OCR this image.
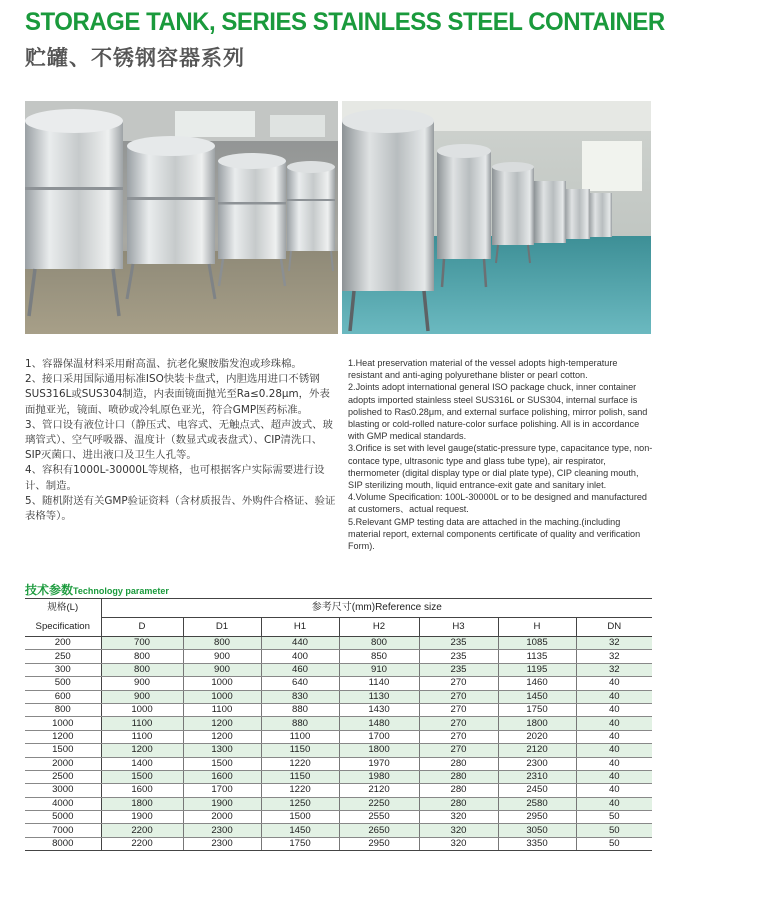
STORAGE TANK, SERIES STAINLESS STEEL CONTAINER
贮罐、不锈钢容器系列

1、容器保温材料采用耐高温、抗老化聚胺脂发泡或珍珠棉。

2、接口采用国际通用标准ISO快装卡盘式，内胆选用进口不锈钢SUS316L或SUS304制造，内表面镜面抛光至Ra≤0.28μm，外表面抛亚光，镜面、喷砂或冷轧原色亚光，符合GMP医药标准。

3、管口设有液位计口（静压式、电容式、无触点式、超声波式、玻璃管式）、空气呼吸器、温度计（数显式或表盘式）、CIP清洗口、SIP灭菌口、进出液口及卫生人孔等。

4、容积有1000L-30000L等规格，也可根据客户实际需要进行设计、制造。

5、随机附送有关GMP验证资料（含材质报告、外购件合格证、验证表格等）。

1.Heat preservation material of the vessel adopts high-temperature resistant and anti-aging polyurethane blister or pearl cotton.

2.Joints adopt international general ISO package chuck, inner container adopts imported stainless steel SUS316L or SUS304, internal surface is polished to Ra≤0.28μm, and external surface polishing, mirror polish, sand blasting or cold-rolled nature-color surface polishing. All is in accordance with GMP medical standards.

3.Orifice is set with level gauge(static-pressure type, capacitance type, non-contace type, ultrasonic type and glass tube type), air respirator, thermometer (digital display type or dial plate type), CIP cleaning mouth, SIP sterilizing mouth, liquid entrance-exit gate and sanitary inlet.

4.Volume Specification: 100L-30000L or to be designed and manufactured at customers、actual request.

5.Relevant GMP testing data are attached in the maching.(including material report, external components certificate of quality and verification Form).

技术参数Technology parameter
规格(L)	参考尺寸(mm)Reference size						
Specification	D	D1	H1	H2	H3	H	DN
200	700	800	440	800	235	1085	32
250	800	900	400	850	235	1135	32
300	800	900	460	910	235	1195	32
500	900	1000	640	1140	270	1460	40
600	900	1000	830	1130	270	1450	40
800	1000	1100	880	1430	270	1750	40
1000	1100	1200	880	1480	270	1800	40
1200	1100	1200	1100	1700	270	2020	40
1500	1200	1300	1150	1800	270	2120	40
2000	1400	1500	1220	1970	280	2300	40
2500	1500	1600	1150	1980	280	2310	40
3000	1600	1700	1220	2120	280	2450	40
4000	1800	1900	1250	2250	280	2580	40
5000	1900	2000	1500	2550	320	2950	50
7000	2200	2300	1450	2650	320	3050	50
8000	2200	2300	1750	2950	320	3350	50
